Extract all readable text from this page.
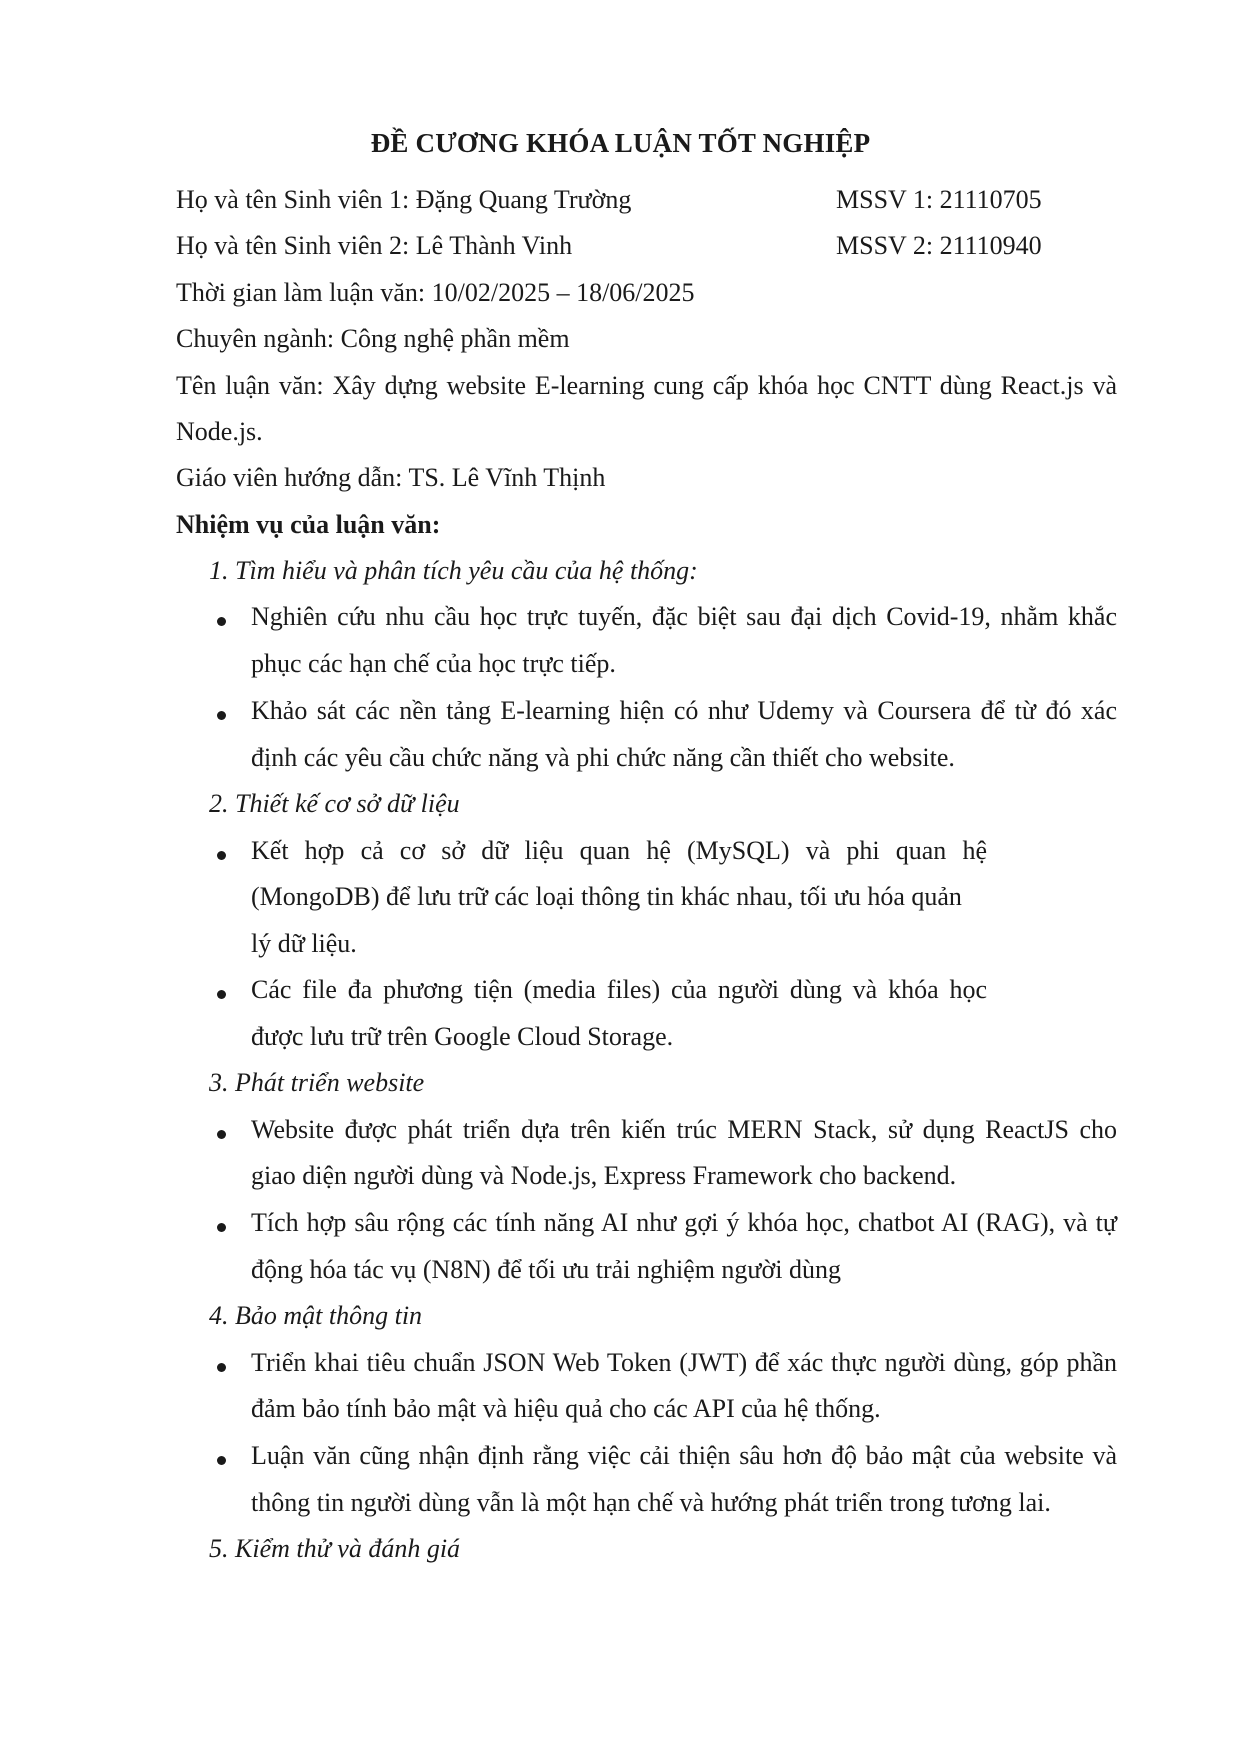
ĐỀ CƯƠNG KHÓA LUẬN TỐT NGHIỆP
Họ và tên Sinh viên 1: Đặng Quang Trường	MSSV 1: 21110705
Họ và tên Sinh viên 2: Lê Thành Vinh	MSSV 2: 21110940
Thời gian làm luận văn: 10/02/2025 – 18/06/2025
Chuyên ngành: Công nghệ phần mềm
Tên luận văn: Xây dựng website E-learning cung cấp khóa học CNTT dùng React.js và
Node.js.
Giáo viên hướng dẫn: TS. Lê Vĩnh Thịnh
Nhiệm vụ của luận văn:
1. Tìm hiểu và phân tích yêu cầu của hệ thống:
Nghiên cứu nhu cầu học trực tuyến, đặc biệt sau đại dịch Covid-19, nhằm khắc
phục các hạn chế của học trực tiếp.
Khảo sát các nền tảng E-learning hiện có như Udemy và Coursera để từ đó xác
định các yêu cầu chức năng và phi chức năng cần thiết cho website.
2. Thiết kế cơ sở dữ liệu
Kết hợp cả cơ sở dữ liệu quan hệ (MySQL) và phi quan hệ
(MongoDB) để lưu trữ các loại thông tin khác nhau, tối ưu hóa quản
lý dữ liệu.
Các file đa phương tiện (media files) của người dùng và khóa học
được lưu trữ trên Google Cloud Storage.
3. Phát triển website
Website được phát triển dựa trên kiến trúc MERN Stack, sử dụng ReactJS cho
giao diện người dùng và Node.js, Express Framework cho backend.
Tích hợp sâu rộng các tính năng AI như gợi ý khóa học, chatbot AI (RAG), và tự
động hóa tác vụ (N8N) để tối ưu trải nghiệm người dùng
4. Bảo mật thông tin
Triển khai tiêu chuẩn JSON Web Token (JWT) để xác thực người dùng, góp phần
đảm bảo tính bảo mật và hiệu quả cho các API của hệ thống.
Luận văn cũng nhận định rằng việc cải thiện sâu hơn độ bảo mật của website và
thông tin người dùng vẫn là một hạn chế và hướng phát triển trong tương lai.
5. Kiểm thử và đánh giá
